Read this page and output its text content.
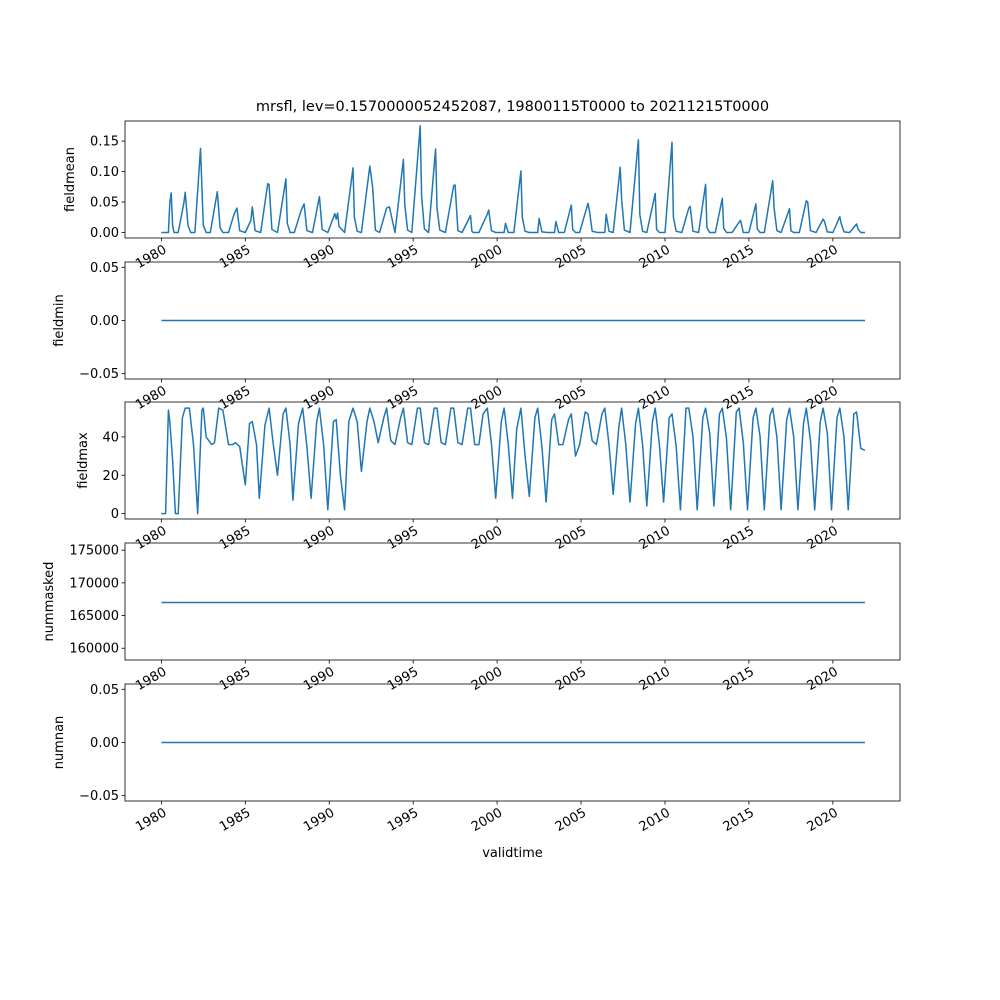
mrsfl, lev=0.1570000052452087, 19800115T0000 to 20211215T0000
validtime
0.00
0.05
0.10
0.15
fieldmean
1980	1985	1990	1995	2000	2005	2010	2015	2020
−0.05
0.00
0.05
fieldmin
1980	1985	1990	1995	2000	2005	2010	2015	2020
0
20
40
fieldmax
1980	1985	1990	1995	2000	2005	2010	2015	2020
160000
165000
170000
175000
nummasked
1980	1985	1990	1995	2000	2005	2010	2015	2020
−0.05
0.00
0.05
numnan
1980	1985	1990	1995	2000	2005	2010	2015	2020
